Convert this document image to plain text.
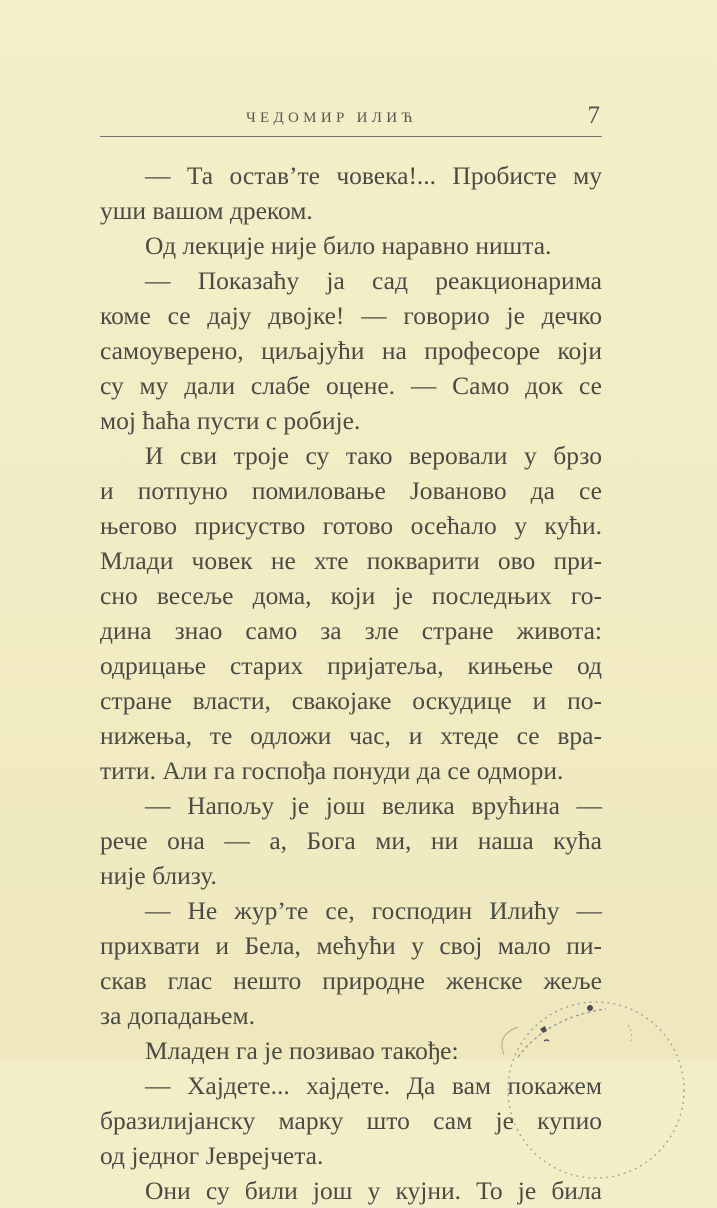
ЧЕДОМИР ИЛИЋ	7
— Та остав’те човека!... Пробисте му
уши вашом дреком.
Од лекције није било наравно ништа.
— Показаћу ја сад реакционарима
коме се дају двојке! — говорио је дечко
самоуверено, циљајући на професоре који
су му дали слабе оцене. — Само док се
мој ћаћа пусти с робије.
И сви троје су тако веровали у брзо
и потпуно помиловање Јованово да се
његово присуство готово осећало у кући.
Млади човек не хте покварити ово при-
сно весеље дома, који је последњих го-
дина знао само за зле стране живота:
одрицање старих пријатеља, кињење од
стране власти, свакојаке оскудице и по-
нижења, те одложи час, и хтеде се вра-
тити. Али га госпођа понуди да се одмори.
— Напољу је још велика врућина —
рече она — а, Бога ми, ни наша кућа
није близу.
— Не жур’те се, господин Илићу —
прихвати и Бела, мећући у свој мало пи-
скав глас нешто природне женске жеље
за допадањем.
Младен га је позивао такође:
— Хајдете... хајдете. Да вам покажем
бразилијанску марку што сам је купио
од једног Јеврејчета.
Они су били још у кујни. То је била
